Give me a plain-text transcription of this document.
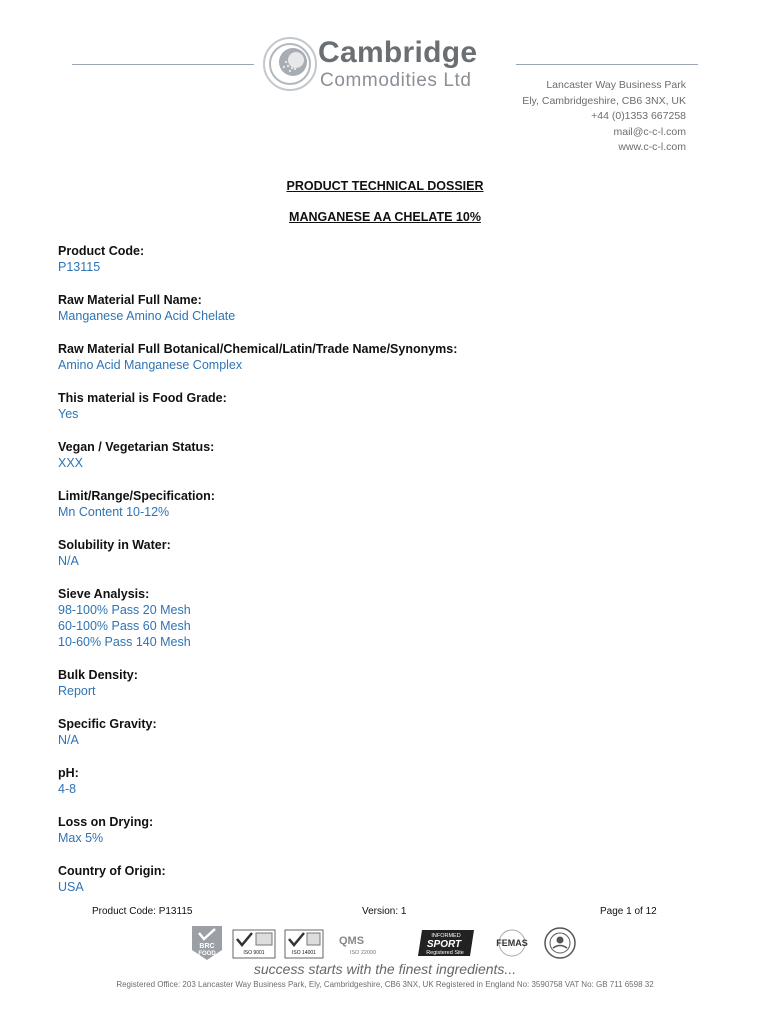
Cambridge
Commodities Ltd	Lancaster Way Business Park
Ely, Cambridgeshire, CB6 3NX, UK
+44 (0)1353 667258
mail@c-c-l.com
www.c-c-l.com
PRODUCT TECHNICAL DOSSIER
MANGANESE AA CHELATE 10%
Product Code:
P13115
Raw Material Full Name:
Manganese Amino Acid Chelate
Raw Material Full Botanical/Chemical/Latin/Trade Name/Synonyms:
Amino Acid Manganese Complex
This material is Food Grade:
Yes
Vegan / Vegetarian Status:
XXX
Limit/Range/Specification:
Mn Content 10-12%
Solubility in Water:
N/A
Sieve Analysis:
98-100% Pass 20 Mesh
60-100% Pass 60 Mesh
10-60% Pass 140 Mesh
Bulk Density:
Report
Specific Gravity:
N/A
pH:
4-8
Loss on Drying:
Max 5%
Country of Origin:
USA
Product Code: P13115	Version: 1	Page 1 of 12
BRC
FOOD	ISO 9001	ISO 14001
QMS
ISO 22000
INFORMED
SPORT
Registered Site
FEMAS
success starts with the finest ingredients...
Registered Office: 203 Lancaster Way Business Park, Ely, Cambridgeshire, CB6 3NX, UK Registered in England No: 3590758 VAT No: GB 711 6598 32
